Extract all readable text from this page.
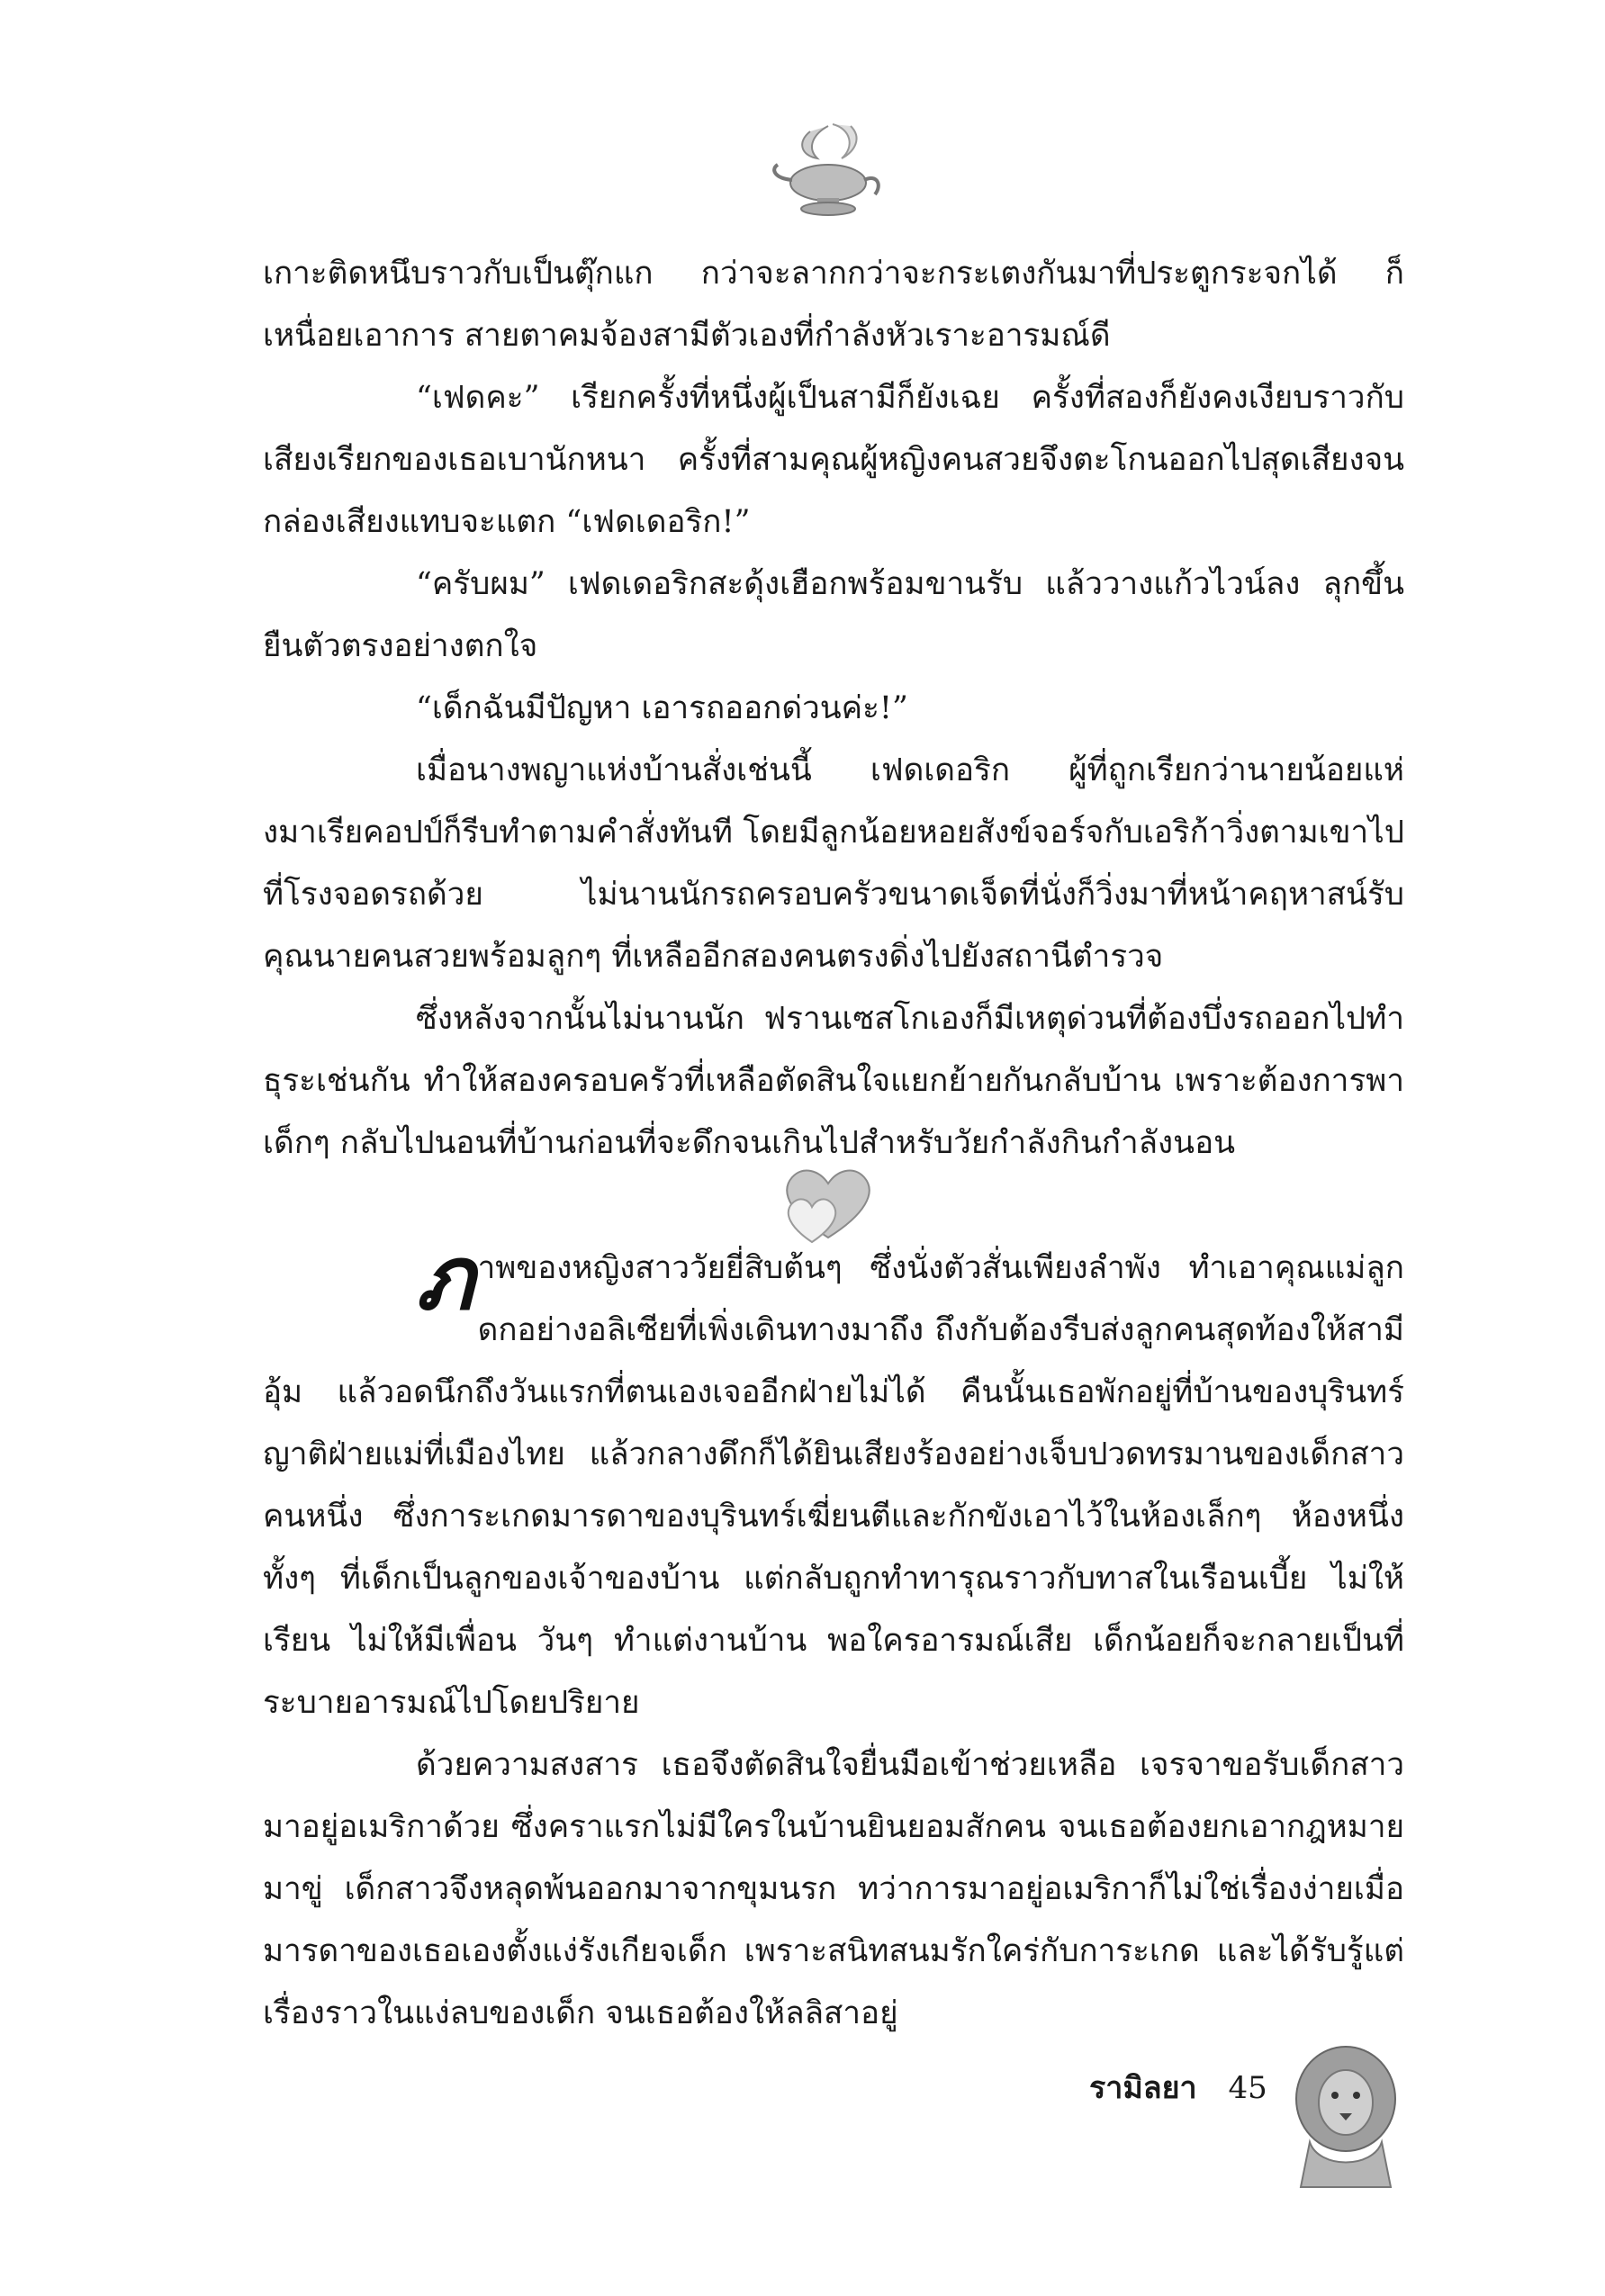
เกาะติดหนึบราวกับเป็นตุ๊กแก กว่าจะลากกว่าจะกระเตงกันมาที่ประตูกระจกได้ ก็เหนื่อยเอาการ สายตาคมจ้องสามีตัวเองที่กำลังหัวเราะอารมณ์ดี

“เฟดคะ” เรียกครั้งที่หนึ่งผู้เป็นสามีก็ยังเฉย ครั้งที่สองก็ยังคงเงียบราวกับเสียงเรียกของเธอเบานักหนา ครั้งที่สามคุณผู้หญิงคนสวยจึงตะโกนออกไปสุดเสียงจนกล่องเสียงแทบจะแตก “เฟดเดอริก!”

“ครับผม” เฟดเดอริกสะดุ้งเฮือกพร้อมขานรับ แล้ววางแก้วไวน์ลง ลุกขึ้นยืนตัวตรงอย่างตกใจ

“เด็กฉันมีปัญหา เอารถออกด่วนค่ะ!”

เมื่อนางพญาแห่งบ้านสั่งเช่นนี้ เฟดเดอริก ผู้ที่ถูกเรียกว่านายน้อยแห่งมาเรียคอปป์ก็รีบทำตามคำสั่งทันที โดยมีลูกน้อยหอยสังข์จอร์จกับเอริก้าวิ่งตามเขาไปที่โรงจอดรถด้วย ไม่นานนักรถครอบครัวขนาดเจ็ดที่นั่งก็วิ่งมาที่หน้าคฤหาสน์รับคุณนายคนสวยพร้อมลูกๆ ที่เหลืออีกสองคนตรงดิ่งไปยังสถานีตำรวจ

ซึ่งหลังจากนั้นไม่นานนัก ฟรานเซสโกเองก็มีเหตุด่วนที่ต้องบึ่งรถออกไปทำธุระเช่นกัน ทำให้สองครอบครัวที่เหลือตัดสินใจแยกย้ายกันกลับบ้าน เพราะต้องการพาเด็กๆ กลับไปนอนที่บ้านก่อนที่จะดึกจนเกินไปสำหรับวัยกำลังกินกำลังนอน

ภ าพของหญิงสาววัยยี่สิบต้นๆ ซึ่งนั่งตัวสั่นเพียงลำพัง ทำเอาคุณแม่ลูกดกอย่างอลิเซียที่เพิ่งเดินทางมาถึง ถึงกับต้องรีบส่งลูกคนสุดท้องให้สามีอุ้ม แล้วอดนึกถึงวันแรกที่ตนเองเจออีกฝ่ายไม่ได้ คืนนั้นเธอพักอยู่ที่บ้านของบุรินทร์ญาติฝ่ายแม่ที่เมืองไทย แล้วกลางดึกก็ได้ยินเสียงร้องอย่างเจ็บปวดทรมานของเด็กสาวคนหนึ่ง ซึ่งการะเกดมารดาของบุรินทร์เฆี่ยนตีและกักขังเอาไว้ในห้องเล็กๆ ห้องหนึ่ง ทั้งๆ ที่เด็กเป็นลูกของเจ้าของบ้าน แต่กลับถูกทำทารุณราวกับทาสในเรือนเบี้ย ไม่ให้เรียน ไม่ให้มีเพื่อน วันๆ ทำแต่งานบ้าน พอใครอารมณ์เสีย เด็กน้อยก็จะกลายเป็นที่ระบายอารมณ์ไปโดยปริยาย

ด้วยความสงสาร เธอจึงตัดสินใจยื่นมือเข้าช่วยเหลือ เจรจาขอรับเด็กสาวมาอยู่อเมริกาด้วย ซึ่งคราแรกไม่มีใครในบ้านยินยอมสักคน จนเธอต้องยกเอากฎหมายมาขู่ เด็กสาวจึงหลุดพ้นออกมาจากขุมนรก ทว่าการมาอยู่อเมริกาก็ไม่ใช่เรื่องง่ายเมื่อมารดาของเธอเองตั้งแง่รังเกียจเด็ก เพราะสนิทสนมรักใคร่กับการะเกด และได้รับรู้แต่เรื่องราวในแง่ลบของเด็ก จนเธอต้องให้ลลิสาอยู่

รามิลยา 45
